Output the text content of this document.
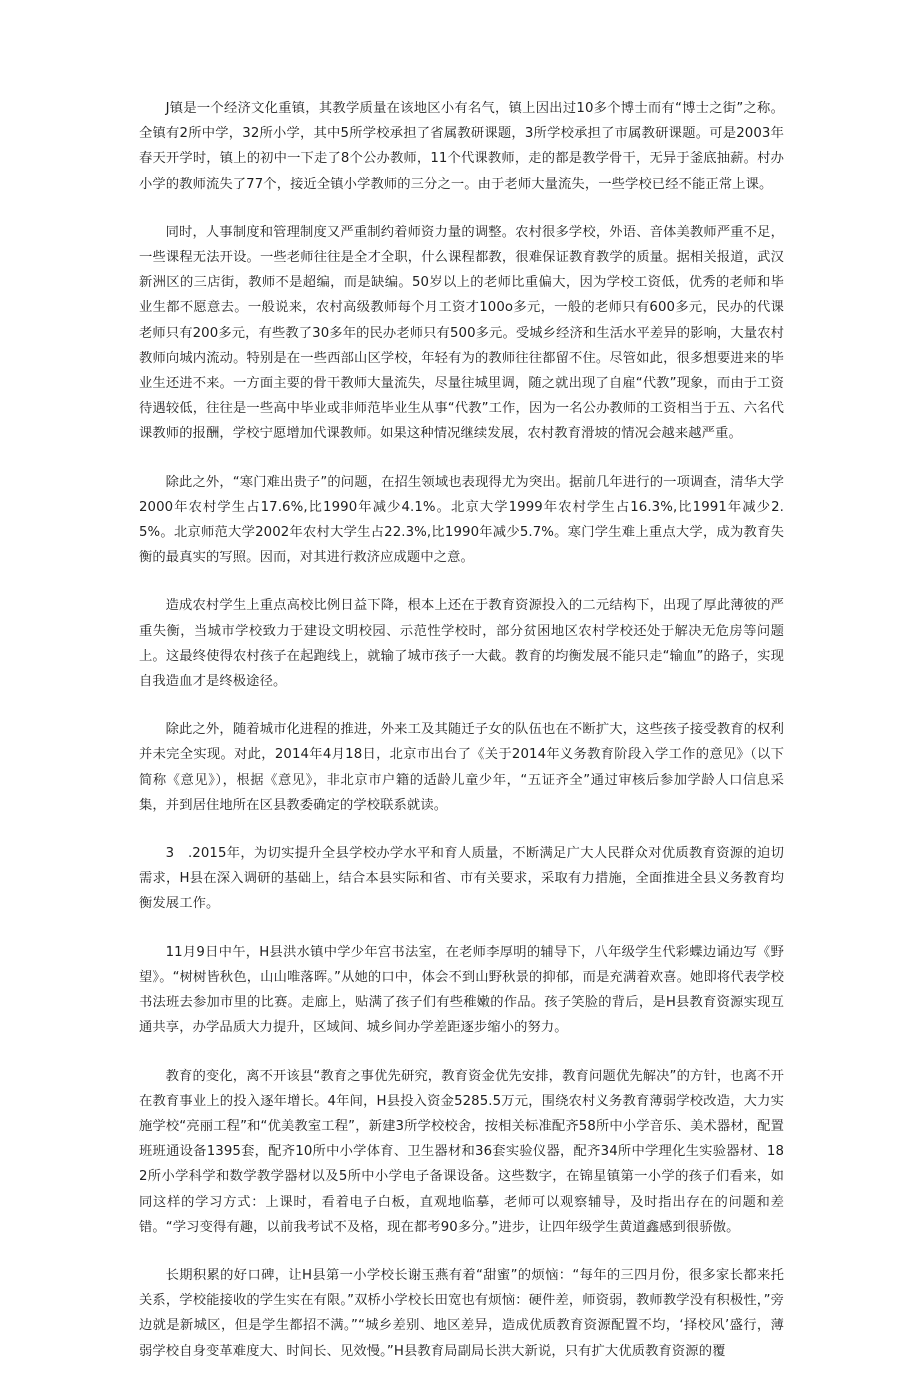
J镇是一个经济文化重镇，其教学质量在该地区小有名气，镇上因出过10多个博士而有“博士之街”之称。全镇有2所中学，32所小学，其中5所学校承担了省属教研课题，3所学校承担了市属教研课题。可是2003年春天开学时，镇上的初中一下走了8个公办教师，11个代课教师，走的都是教学骨干，无异于釜底抽薪。村办小学的教师流失了77个，接近全镇小学教师的三分之一。由于老师大量流失，一些学校已经不能正常上课。

同时，人事制度和管理制度又严重制约着师资力量的调整。农村很多学校，外语、音体美教师严重不足，一些课程无法开设。一些老师往往是全才全职，什么课程都教，很难保证教育教学的质量。据相关报道，武汉新洲区的三店街，教师不是超编，而是缺编。50岁以上的老师比重偏大，因为学校工资低，优秀的老师和毕业生都不愿意去。一般说来，农村高级教师每个月工资才100o多元，一般的老师只有600多元，民办的代课老师只有200多元，有些教了30多年的民办老师只有500多元。受城乡经济和生活水平差异的影响，大量农村教师向城内流动。特别是在一些西部山区学校，年轻有为的教师往往都留不住。尽管如此，很多想要进来的毕业生还进不来。一方面主要的骨干教师大量流失，尽量往城里调，随之就出现了自雇“代教”现象，而由于工资待遇较低，往往是一些高中毕业或非师范毕业生从事“代教”工作，因为一名公办教师的工资相当于五、六名代课教师的报酬，学校宁愿增加代课教师。如果这种情况继续发展，农村教育滑坡的情况会越来越严重。

除此之外，“寒门难出贵子”的问题，在招生领域也表现得尤为突出。据前几年进行的一项调查，清华大学2000年农村学生占17.6%,比1990年减少4.1%。北京大学1999年农村学生占16.3%,比1991年减少2.5%。北京师范大学2002年农村大学生占22.3%,比1990年减少5.7%。寒门学生难上重点大学，成为教育失衡的最真实的写照。因而，对其进行救济应成题中之意。

造成农村学生上重点高校比例日益下降，根本上还在于教育资源投入的二元结构下，出现了厚此薄彼的严重失衡，当城市学校致力于建设文明校园、示范性学校时，部分贫困地区农村学校还处于解决无危房等问题上。这最终使得农村孩子在起跑线上，就输了城市孩子一大截。教育的均衡发展不能只走“输血”的路子，实现自我造血才是终极途径。

除此之外，随着城市化进程的推进，外来工及其随迁子女的队伍也在不断扩大，这些孩子接受教育的权利并未完全实现。对此，2014年4月18日，北京市出台了《关于2014年义务教育阶段入学工作的意见》（以下简称《意见》），根据《意见》，非北京市户籍的适龄儿童少年，“五证齐全”通过审核后参加学龄人口信息采集，并到居住地所在区县教委确定的学校联系就读。

3　.2015年，为切实提升全县学校办学水平和育人质量，不断满足广大人民群众对优质教育资源的迫切需求，H县在深入调研的基础上，结合本县实际和省、市有关要求，采取有力措施，全面推进全县义务教育均衡发展工作。

11月9日中午，H县洪水镇中学少年宫书法室，在老师李厚明的辅导下，八年级学生代彩蝶边诵边写《野望》。“树树皆秋色，山山唯落晖。”从她的口中，体会不到山野秋景的抑郁，而是充满着欢喜。她即将代表学校书法班去参加市里的比赛。走廊上，贴满了孩子们有些稚嫩的作品。孩子笑脸的背后，是H县教育资源实现互通共享，办学品质大力提升，区域间、城乡间办学差距逐步缩小的努力。

教育的变化，离不开该县“教育之事优先研究，教育资金优先安排，教育问题优先解决”的方针，也离不开在教育事业上的投入逐年增长。4年间，H县投入资金5285.5万元，围绕农村义务教育薄弱学校改造，大力实施学校“亮丽工程”和“优美教室工程”，新建3所学校校舍，按相关标准配齐58所中小学音乐、美术器材，配置班班通设备1395套，配齐10所中小学体育、卫生器材和36套实验仪器，配齐34所中学理化生实验器材、182所小学科学和数学教学器材以及5所中小学电子备课设备。这些数字，在锦星镇第一小学的孩子们看来，如同这样的学习方式：上课时，看着电子白板，直观地临摹，老师可以观察辅导，及时指出存在的问题和差错。“学习变得有趣，以前我考试不及格，现在都考90多分。”进步，让四年级学生黄道鑫感到很骄傲。

长期积累的好口碑，让H县第一小学校长谢玉燕有着“甜蜜”的烦恼：“每年的三四月份，很多家长都来托关系，学校能接收的学生实在有限。”双桥小学校长田宽也有烦恼：硬件差，师资弱，教师教学没有积极性，”旁边就是新城区，但是学生都招不满。”“城乡差别、地区差异，造成优质教育资源配置不均，‘择校风’盛行，薄弱学校自身变革难度大、时间长、见效慢。”H县教育局副局长洪大新说，只有扩大优质教育资源的覆
